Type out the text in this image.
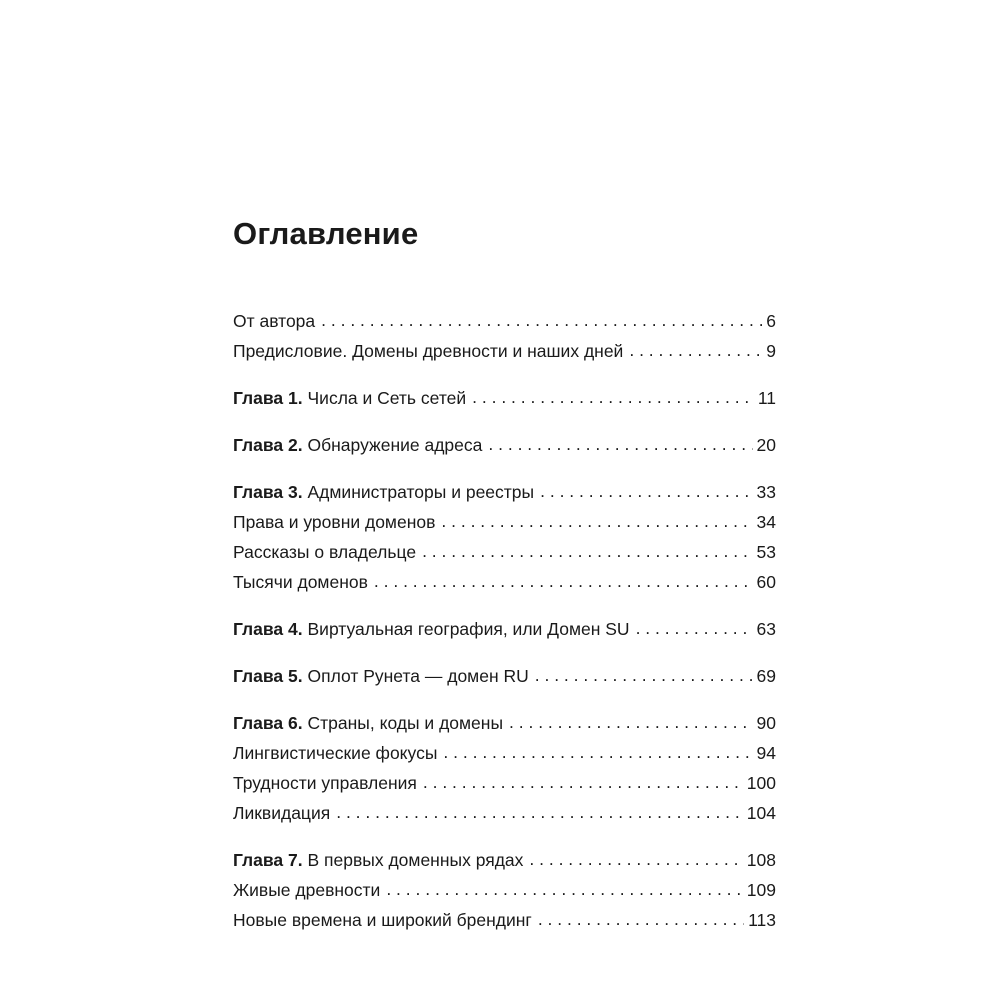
Оглавление
От автора . . .	6
Предисловие. Домены древности и наших дней . . .	9
Глава 1. Числа и Сеть сетей . . .	11
Глава 2. Обнаружение адреса . . .	20
Глава 3. Администраторы и реестры . . .	33
Права и уровни доменов . . .	34
Рассказы о владельце . . .	53
Тысячи доменов . . .	60
Глава 4. Виртуальная география, или Домен SU . . .	63
Глава 5. Оплот Рунета — домен RU . . .	69
Глава 6. Страны, коды и домены . . .	90
Лингвистические фокусы . . .	94
Трудности управления . . .	100
Ликвидация . . .	104
Глава 7. В первых доменных рядах . . .	108
Живые древности . . .	109
Новые времена и широкий брендинг . . .	113
